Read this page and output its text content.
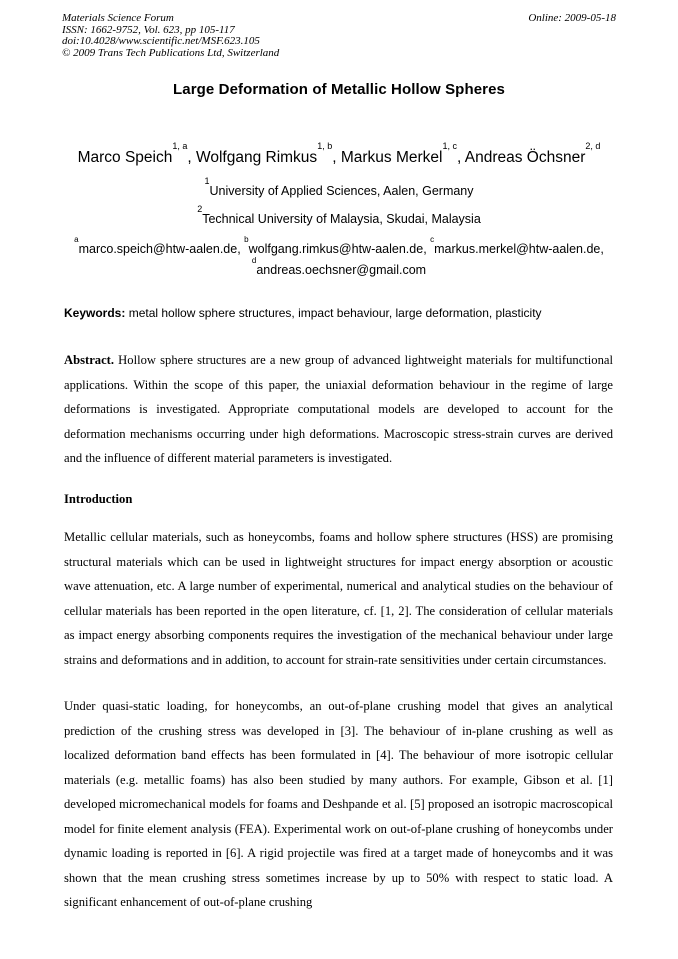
Materials Science Forum	Online: 2009-05-18
ISSN: 1662-9752, Vol. 623, pp 105-117
doi:10.4028/www.scientific.net/MSF.623.105
© 2009 Trans Tech Publications Ltd, Switzerland
Large Deformation of Metallic Hollow Spheres
Marco Speich$^{1, a}$, Wolfgang Rimkus$^{1, b}$, Markus Merkel$^{1, c}$, Andreas Öchsner$^{2, d}$
$^1$University of Applied Sciences, Aalen, Germany
$^2$Technical University of Malaysia, Skudai, Malaysia
$^a$marco.speich@htw-aalen.de, $^b$wolfgang.rimkus@htw-aalen.de, $^c$markus.merkel@htw-aalen.de,
$^d$andreas.oechsner@gmail.com
Keywords: metal hollow sphere structures, impact behaviour, large deformation, plasticity
Abstract. Hollow sphere structures are a new group of advanced lightweight materials for multifunctional applications. Within the scope of this paper, the uniaxial deformation behaviour in the regime of large deformations is investigated. Appropriate computational models are developed to account for the deformation mechanisms occurring under high deformations. Macroscopic stress-strain curves are derived and the influence of different material parameters is investigated.
Introduction
Metallic cellular materials, such as honeycombs, foams and hollow sphere structures (HSS) are promising structural materials which can be used in lightweight structures for impact energy absorption or acoustic wave attenuation, etc. A large number of experimental, numerical and analytical studies on the behaviour of cellular materials has been reported in the open literature, cf. [1, 2]. The consideration of cellular materials as impact energy absorbing components requires the investigation of the mechanical behaviour under large strains and deformations and in addition, to account for strain-rate sensitivities under certain circumstances.
Under quasi-static loading, for honeycombs, an out-of-plane crushing model that gives an analytical prediction of the crushing stress was developed in [3]. The behaviour of in-plane crushing as well as localized deformation band effects has been formulated in [4]. The behaviour of more isotropic cellular materials (e.g. metallic foams) has also been studied by many authors. For example, Gibson et al. [1] developed micromechanical models for foams and Deshpande et al. [5] proposed an isotropic macroscopical model for finite element analysis (FEA). Experimental work on out-of-plane crushing of honeycombs under dynamic loading is reported in [6]. A rigid projectile was fired at a target made of honeycombs and it was shown that the mean crushing stress sometimes increase by up to 50% with respect to static load. A significant enhancement of out-of-plane crushing
